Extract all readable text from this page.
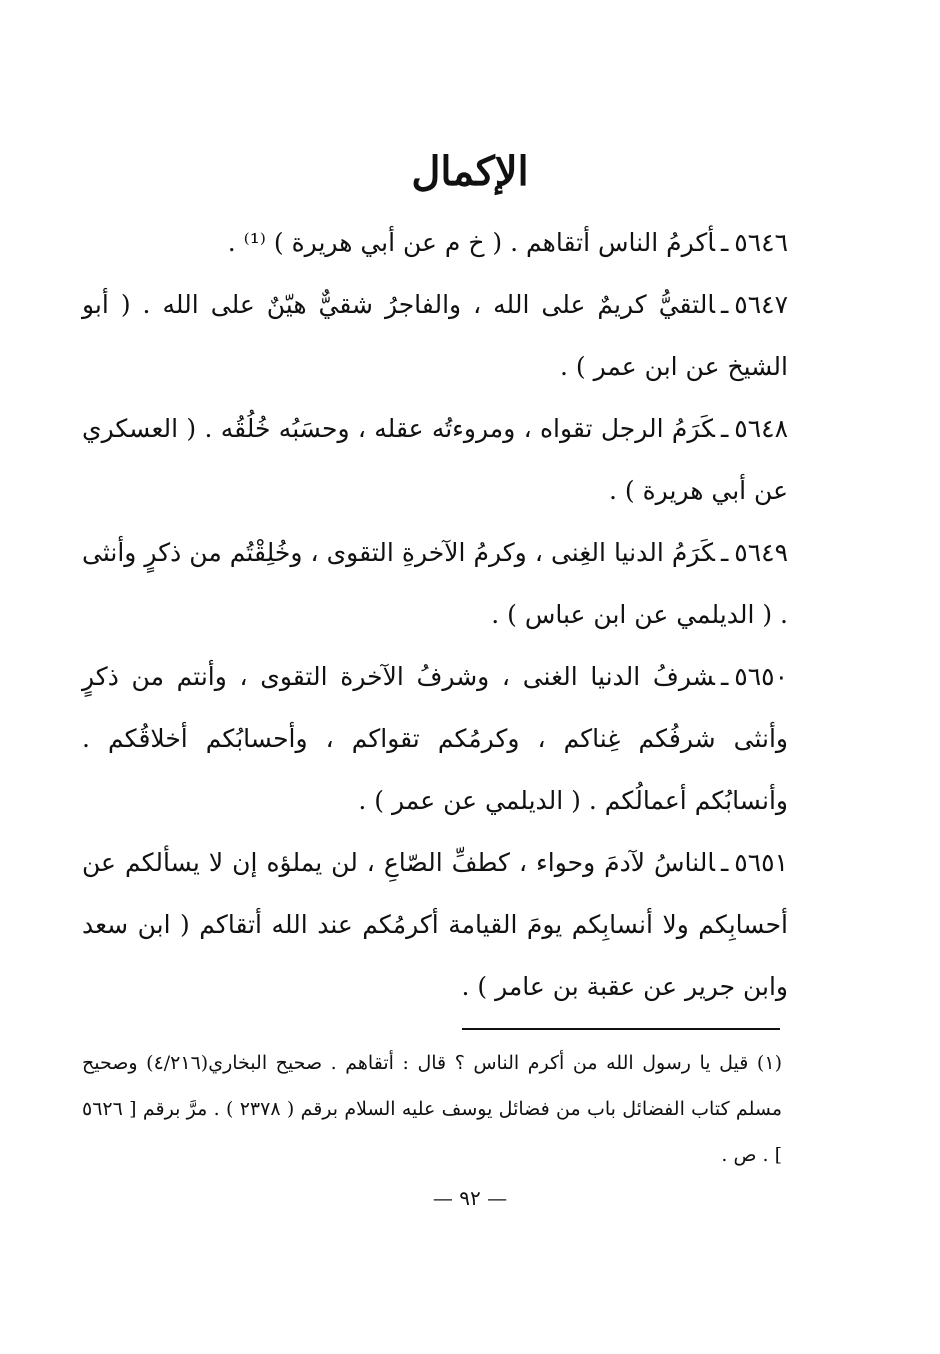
الإكمال

٥٦٤٦ـأكرمُ الناس أتقاهم . ( خ م عن أبي هريرة ) ⁽¹⁾ .

٥٦٤٧ـالتقيُّ كريمٌ على الله ، والفاجرُ شقيٌّ هيّنٌ على الله . ( أبو الشيخ عن ابن عمر ) .

٥٦٤٨ـكَرَمُ الرجل تقواه ، ومروءتُه عقله ، وحسَبُه خُلُقُه . ( العسكري عن أبي هريرة ) .

٥٦٤٩ـكَرَمُ الدنيا الغِنى ، وكرمُ الآخرةِ التقوى ، وخُلِقْتُم من ذكرٍ وأنثى . ( الديلمي عن ابن عباس ) .

٥٦٥٠ـشرفُ الدنيا الغنى ، وشرفُ الآخرة التقوى ، وأنتم من ذكرٍ وأنثى شرفُكم غِناكم ، وكرمُكم تقواكم ، وأحسابُكم أخلاقُكم . وأنسابُكم أعمالُكم . ( الديلمي عن عمر ) .

٥٦٥١ـالناسُ لآدمَ وحواء ، كطفِّ الصّاعِ ، لن يملؤه إن لا يسألكم عن أحسابِكم ولا أنسابِكم يومَ القيامة أكرمُكم عند الله أتقاكم ( ابن سعد وابن جرير عن عقبة بن عامر ) .

(١) قيل يا رسول الله من أكرم الناس ؟ قال : أتقاهم . صحيح البخاري(٤/٢١٦) وصحيح مسلم كتاب الفضائل باب من فضائل يوسف عليه السلام برقم ( ٢٣٧٨ ) . مرَّ برقم [ ٥٦٢٦ ] . ص .
— ٩٢ —
